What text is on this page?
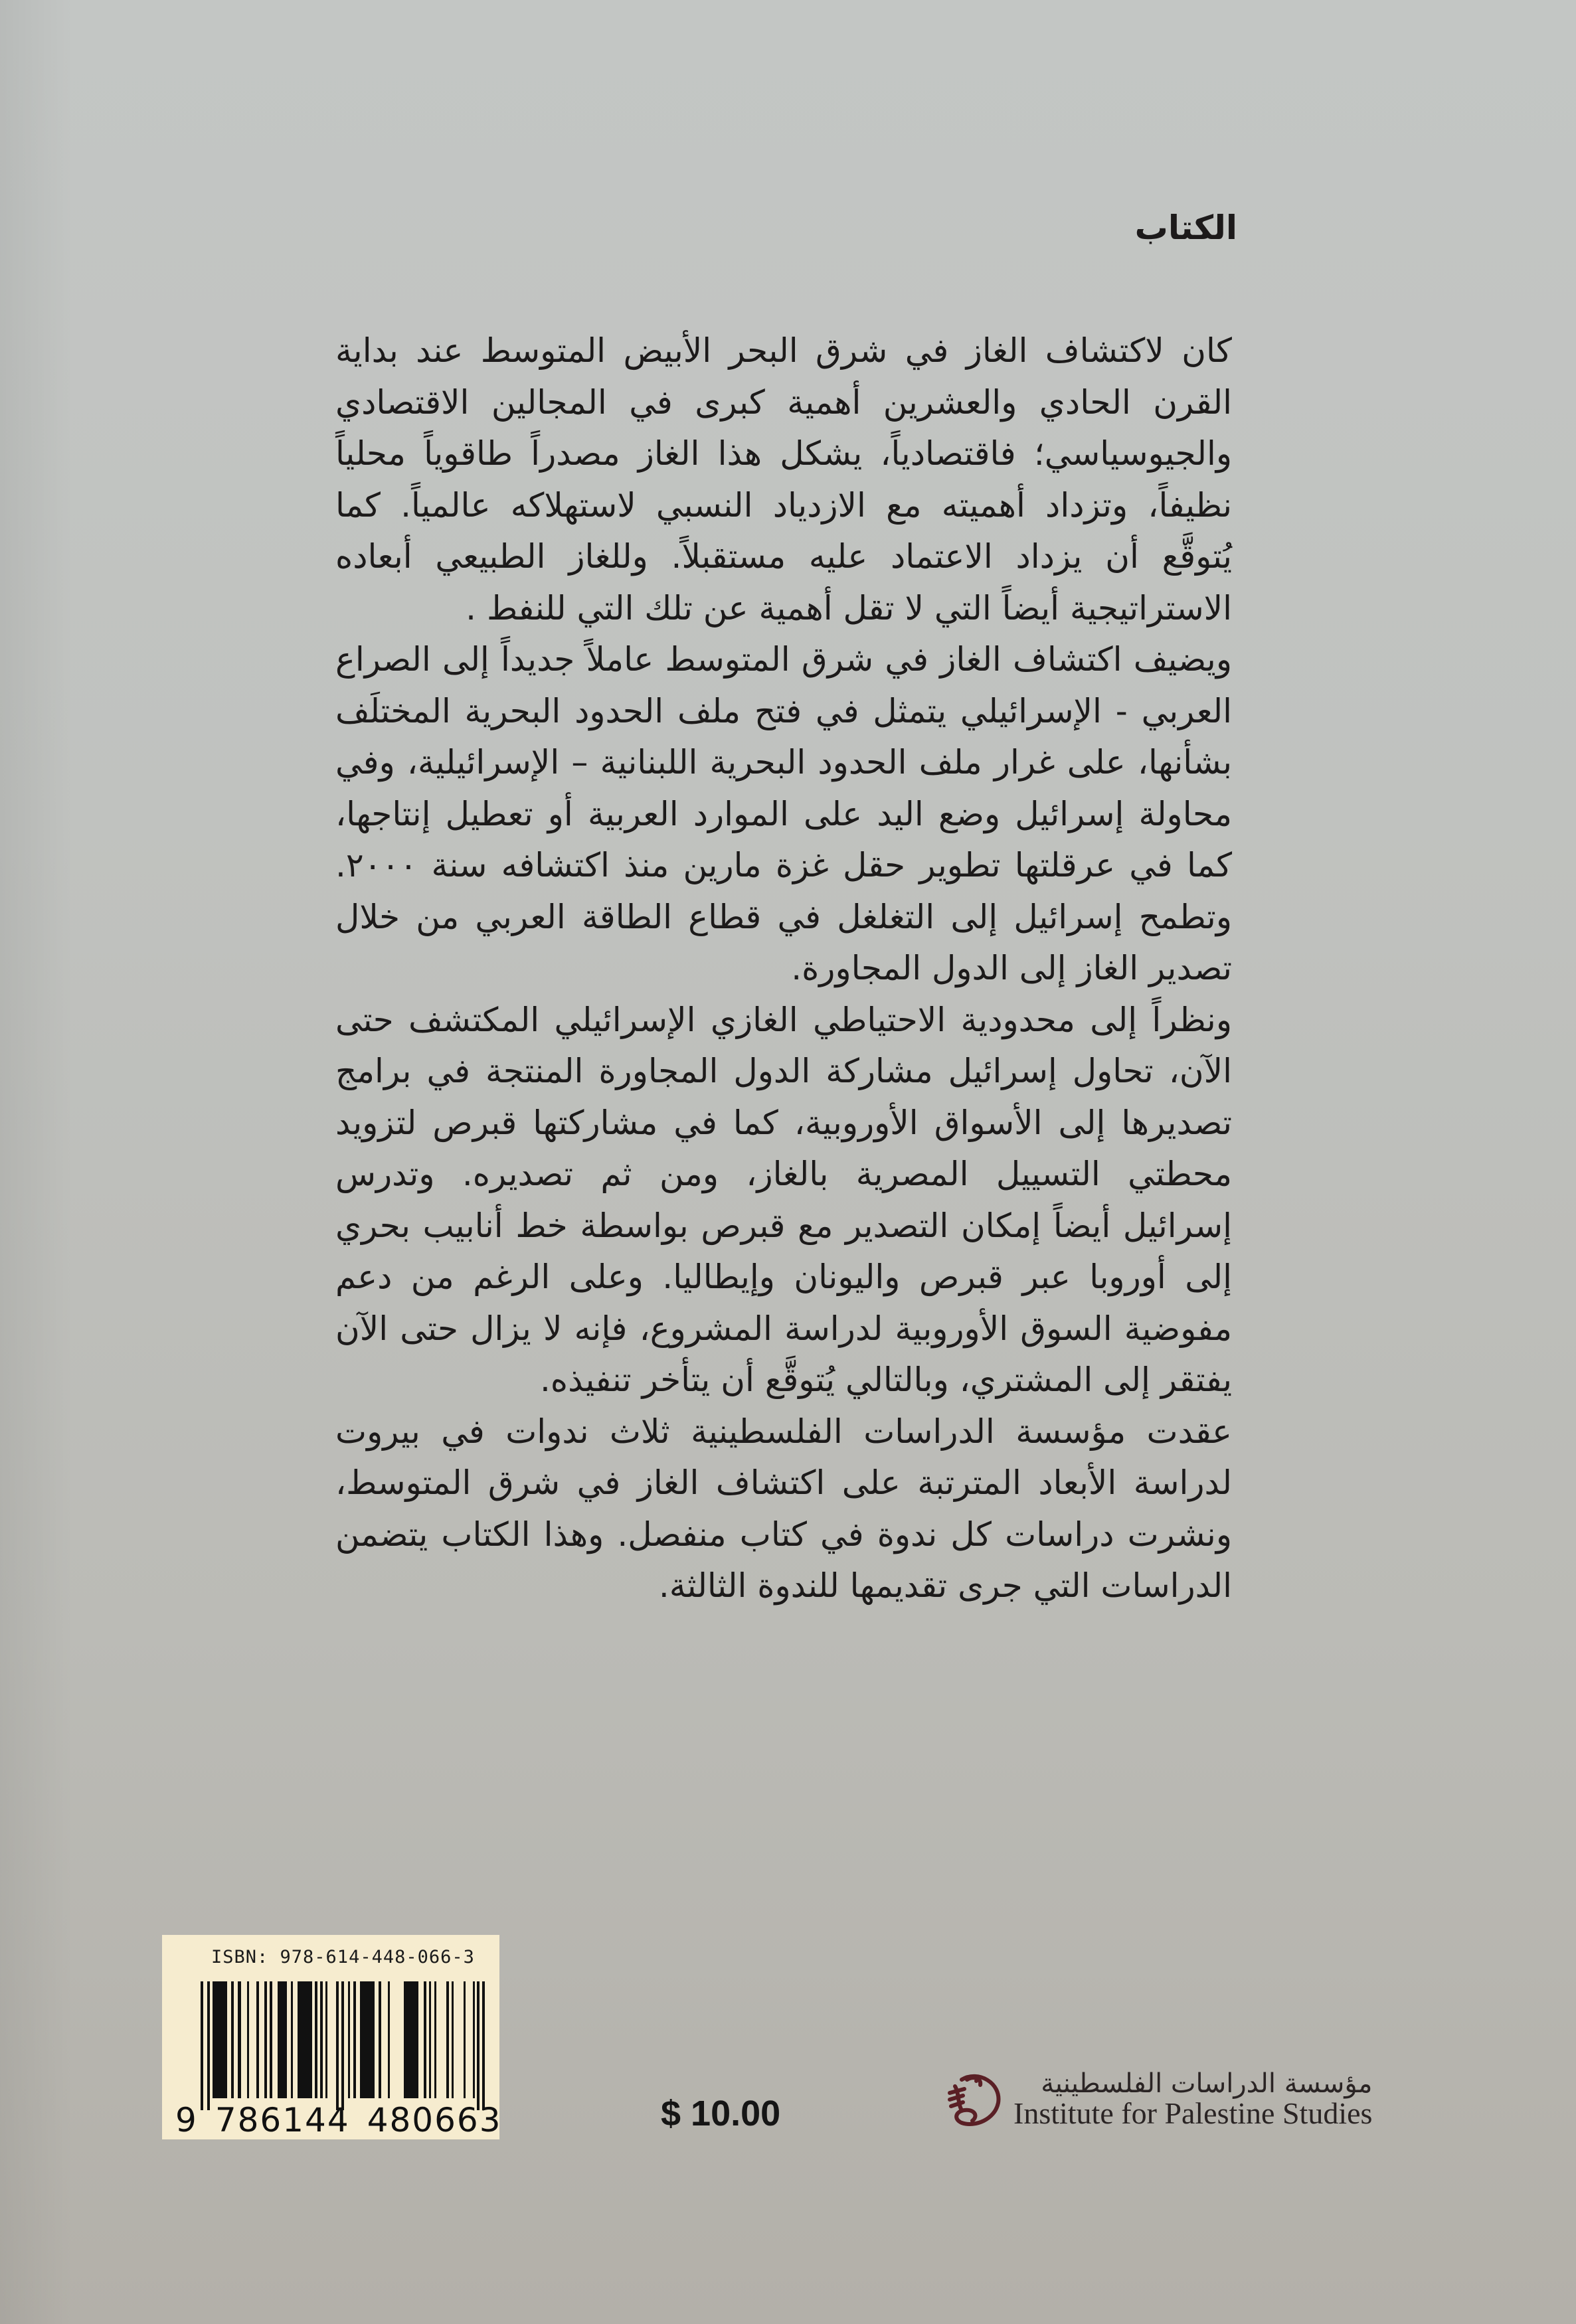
الكتاب

كان لاكتشاف الغاز في شرق البحر الأبيض المتوسط عند بداية القرن الحادي والعشرين أهمية كبرى في المجالين الاقتصادي والجيوسياسي؛ فاقتصادياً، يشكل هذا الغاز مصدراً طاقوياً محلياً نظيفاً، وتزداد أهميته مع الازدياد النسبي لاستهلاكه عالمياً. كما يُتوقَّع أن يزداد الاعتماد عليه مستقبلاً. وللغاز الطبيعي أبعاده الاستراتيجية أيضاً التي لا تقل أهمية عن تلك التي للنفط .

ويضيف اكتشاف الغاز في شرق المتوسط عاملاً جديداً إلى الصراع العربي - الإسرائيلي يتمثل في فتح ملف الحدود البحرية المختلَف بشأنها، على غرار ملف الحدود البحرية اللبنانية – الإسرائيلية، وفي محاولة إسرائيل وضع اليد على الموارد العربية أو تعطيل إنتاجها، كما في عرقلتها تطوير حقل غزة مارين منذ اكتشافه سنة ٢٠٠٠. وتطمح إسرائيل إلى التغلغل في قطاع الطاقة العربي من خلال تصدير الغاز إلى الدول المجاورة.

ونظراً إلى محدودية الاحتياطي الغازي الإسرائيلي المكتشف حتى الآن، تحاول إسرائيل مشاركة الدول المجاورة المنتجة في برامج تصديرها إلى الأسواق الأوروبية، كما في مشاركتها قبرص لتزويد محطتي التسييل المصرية بالغاز، ومن ثم تصديره. وتدرس إسرائيل أيضاً إمكان التصدير مع قبرص بواسطة خط أنابيب بحري إلى أوروبا عبر قبرص واليونان وإيطاليا. وعلى الرغم من دعم مفوضية السوق الأوروبية لدراسة المشروع، فإنه لا يزال حتى الآن يفتقر إلى المشتري، وبالتالي يُتوقَّع أن يتأخر تنفيذه.

عقدت مؤسسة الدراسات الفلسطينية ثلاث ندوات في بيروت لدراسة الأبعاد المترتبة على اكتشاف الغاز في شرق المتوسط، ونشرت دراسات كل ندوة في كتاب منفصل. وهذا الكتاب يتضمن الدراسات التي جرى تقديمها للندوة الثالثة.

ISBN: 978-614-448-066-3
9 786144 480663	$ 10.00
مؤسسة الدراسات الفلسطينية
Institute for Palestine Studies
